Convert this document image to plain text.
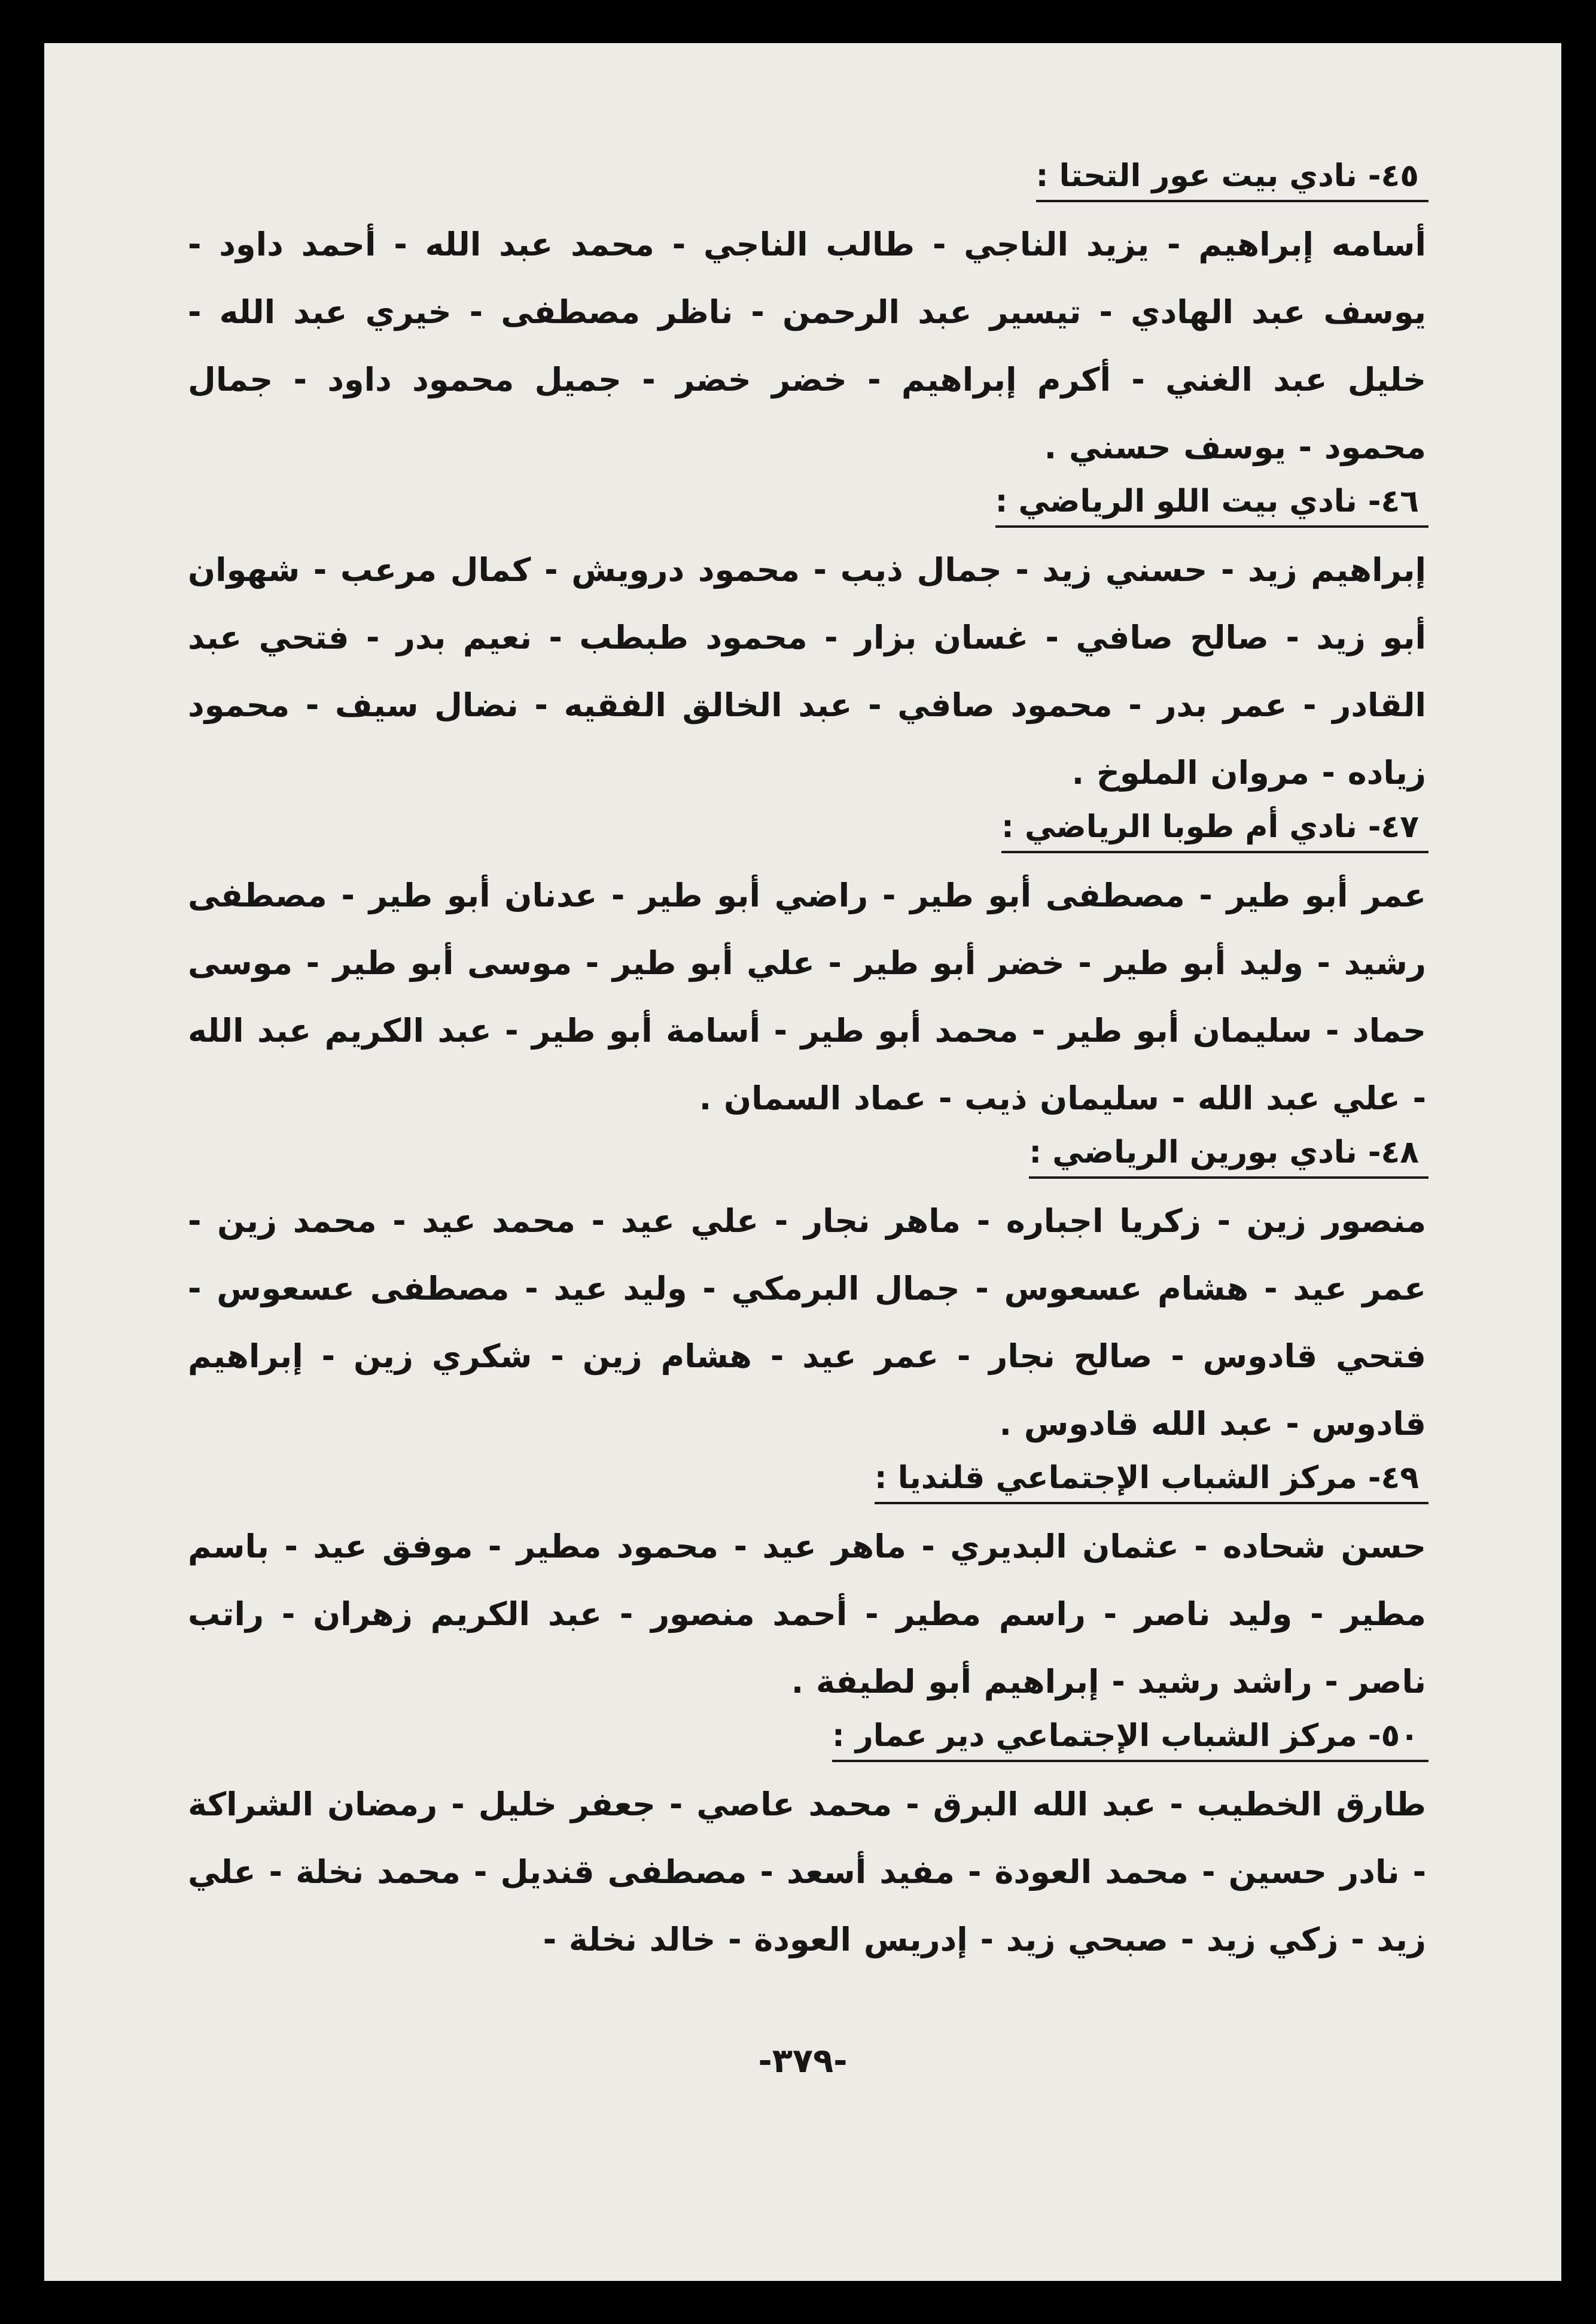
٤٥- نادي بيت عور التحتا :

أسامه إبراهيم - يزيد الناجي - طالب الناجي - محمد عبد الله - أحمد داود - يوسف عبد الهادي - تيسير عبد الرحمن - ناظر مصطفى - خيري عبد الله - خليل عبد الغني - أكرم إبراهيم - خضر خضر - جميل محمود داود - جمال محمود - يوسف حسني .

٤٦- نادي بيت اللو الرياضي :

إبراهيم زيد - حسني زيد - جمال ذيب - محمود درويش - كمال مرعب - شهوان أبو زيد - صالح صافي - غسان بزار - محمود طبطب - نعيم بدر - فتحي عبد القادر - عمر بدر - محمود صافي - عبد الخالق الفقيه - نضال سيف - محمود زياده - مروان الملوخ .

٤٧- نادي أم طوبا الرياضي :

عمر أبو طير - مصطفى أبو طير - راضي أبو طير - عدنان أبو طير - مصطفى رشيد - وليد أبو طير - خضر أبو طير - علي أبو طير - موسى أبو طير - موسى حماد - سليمان أبو طير - محمد أبو طير - أسامة أبو طير - عبد الكريم عبد الله - علي عبد الله - سليمان ذيب - عماد السمان .

٤٨- نادي بورين الرياضي :

منصور زين - زكريا اجباره - ماهر نجار - علي عيد - محمد عيد - محمد زين - عمر عيد - هشام عسعوس - جمال البرمكي - وليد عيد - مصطفى عسعوس - فتحي قادوس - صالح نجار - عمر عيد - هشام زين - شكري زين - إبراهيم قادوس - عبد الله قادوس .

٤٩- مركز الشباب الإجتماعي قلنديا :

حسن شحاده - عثمان البديري - ماهر عيد - محمود مطير - موفق عيد - باسم مطير - وليد ناصر - راسم مطير - أحمد منصور - عبد الكريم زهران - راتب ناصر - راشد رشيد - إبراهيم أبو لطيفة .

٥٠- مركز الشباب الإجتماعي دير عمار :

طارق الخطيب - عبد الله البرق - محمد عاصي - جعفر خليل - رمضان الشراكة - نادر حسين - محمد العودة - مفيد أسعد - مصطفى قنديل - محمد نخلة - علي زيد - زكي زيد - صبحي زيد - إدريس العودة - خالد نخلة -

-٣٧٩-
